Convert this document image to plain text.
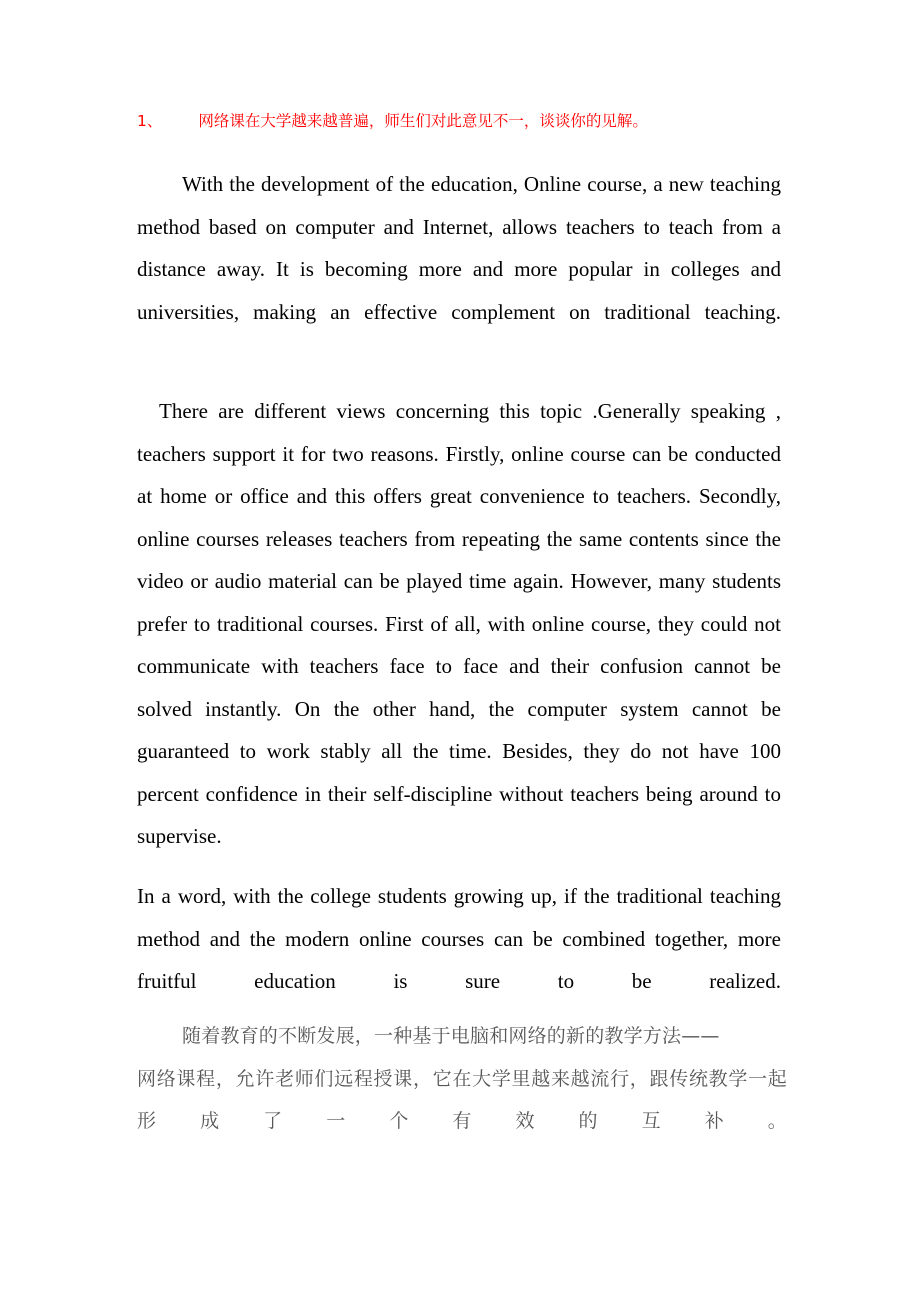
1、 网络课在大学越来越普遍，师生们对此意见不一，谈谈你的见解。

With the development of the education, Online course, a new teaching method based on computer and Internet, allows teachers to teach from a distance away. It is becoming more and more popular in colleges and universities, making an effective complement on traditional teaching.

There are different views concerning this topic .Generally speaking , teachers support it for two reasons. Firstly, online course can be conducted at home or office and this offers great convenience to teachers. Secondly, online courses releases teachers from repeating the same contents since the video or audio material can be played time again. However, many students prefer to traditional courses. First of all, with online course, they could not communicate with teachers face to face and their confusion cannot be solved instantly. On the other hand, the computer system cannot be guaranteed to work stably all the time. Besides, they do not have 100 percent confidence in their self-discipline without teachers being around to supervise.

In a word, with the college students growing up, if the traditional teaching method and the modern online courses can be combined together, more fruitful education is sure to be realized.

随着教育的不断发展，一种基于电脑和网络的新的教学方法——
网络课程，允许老师们远程授课，它在大学里越来越流行，跟传统教学一起形成了一个有效的互补。
